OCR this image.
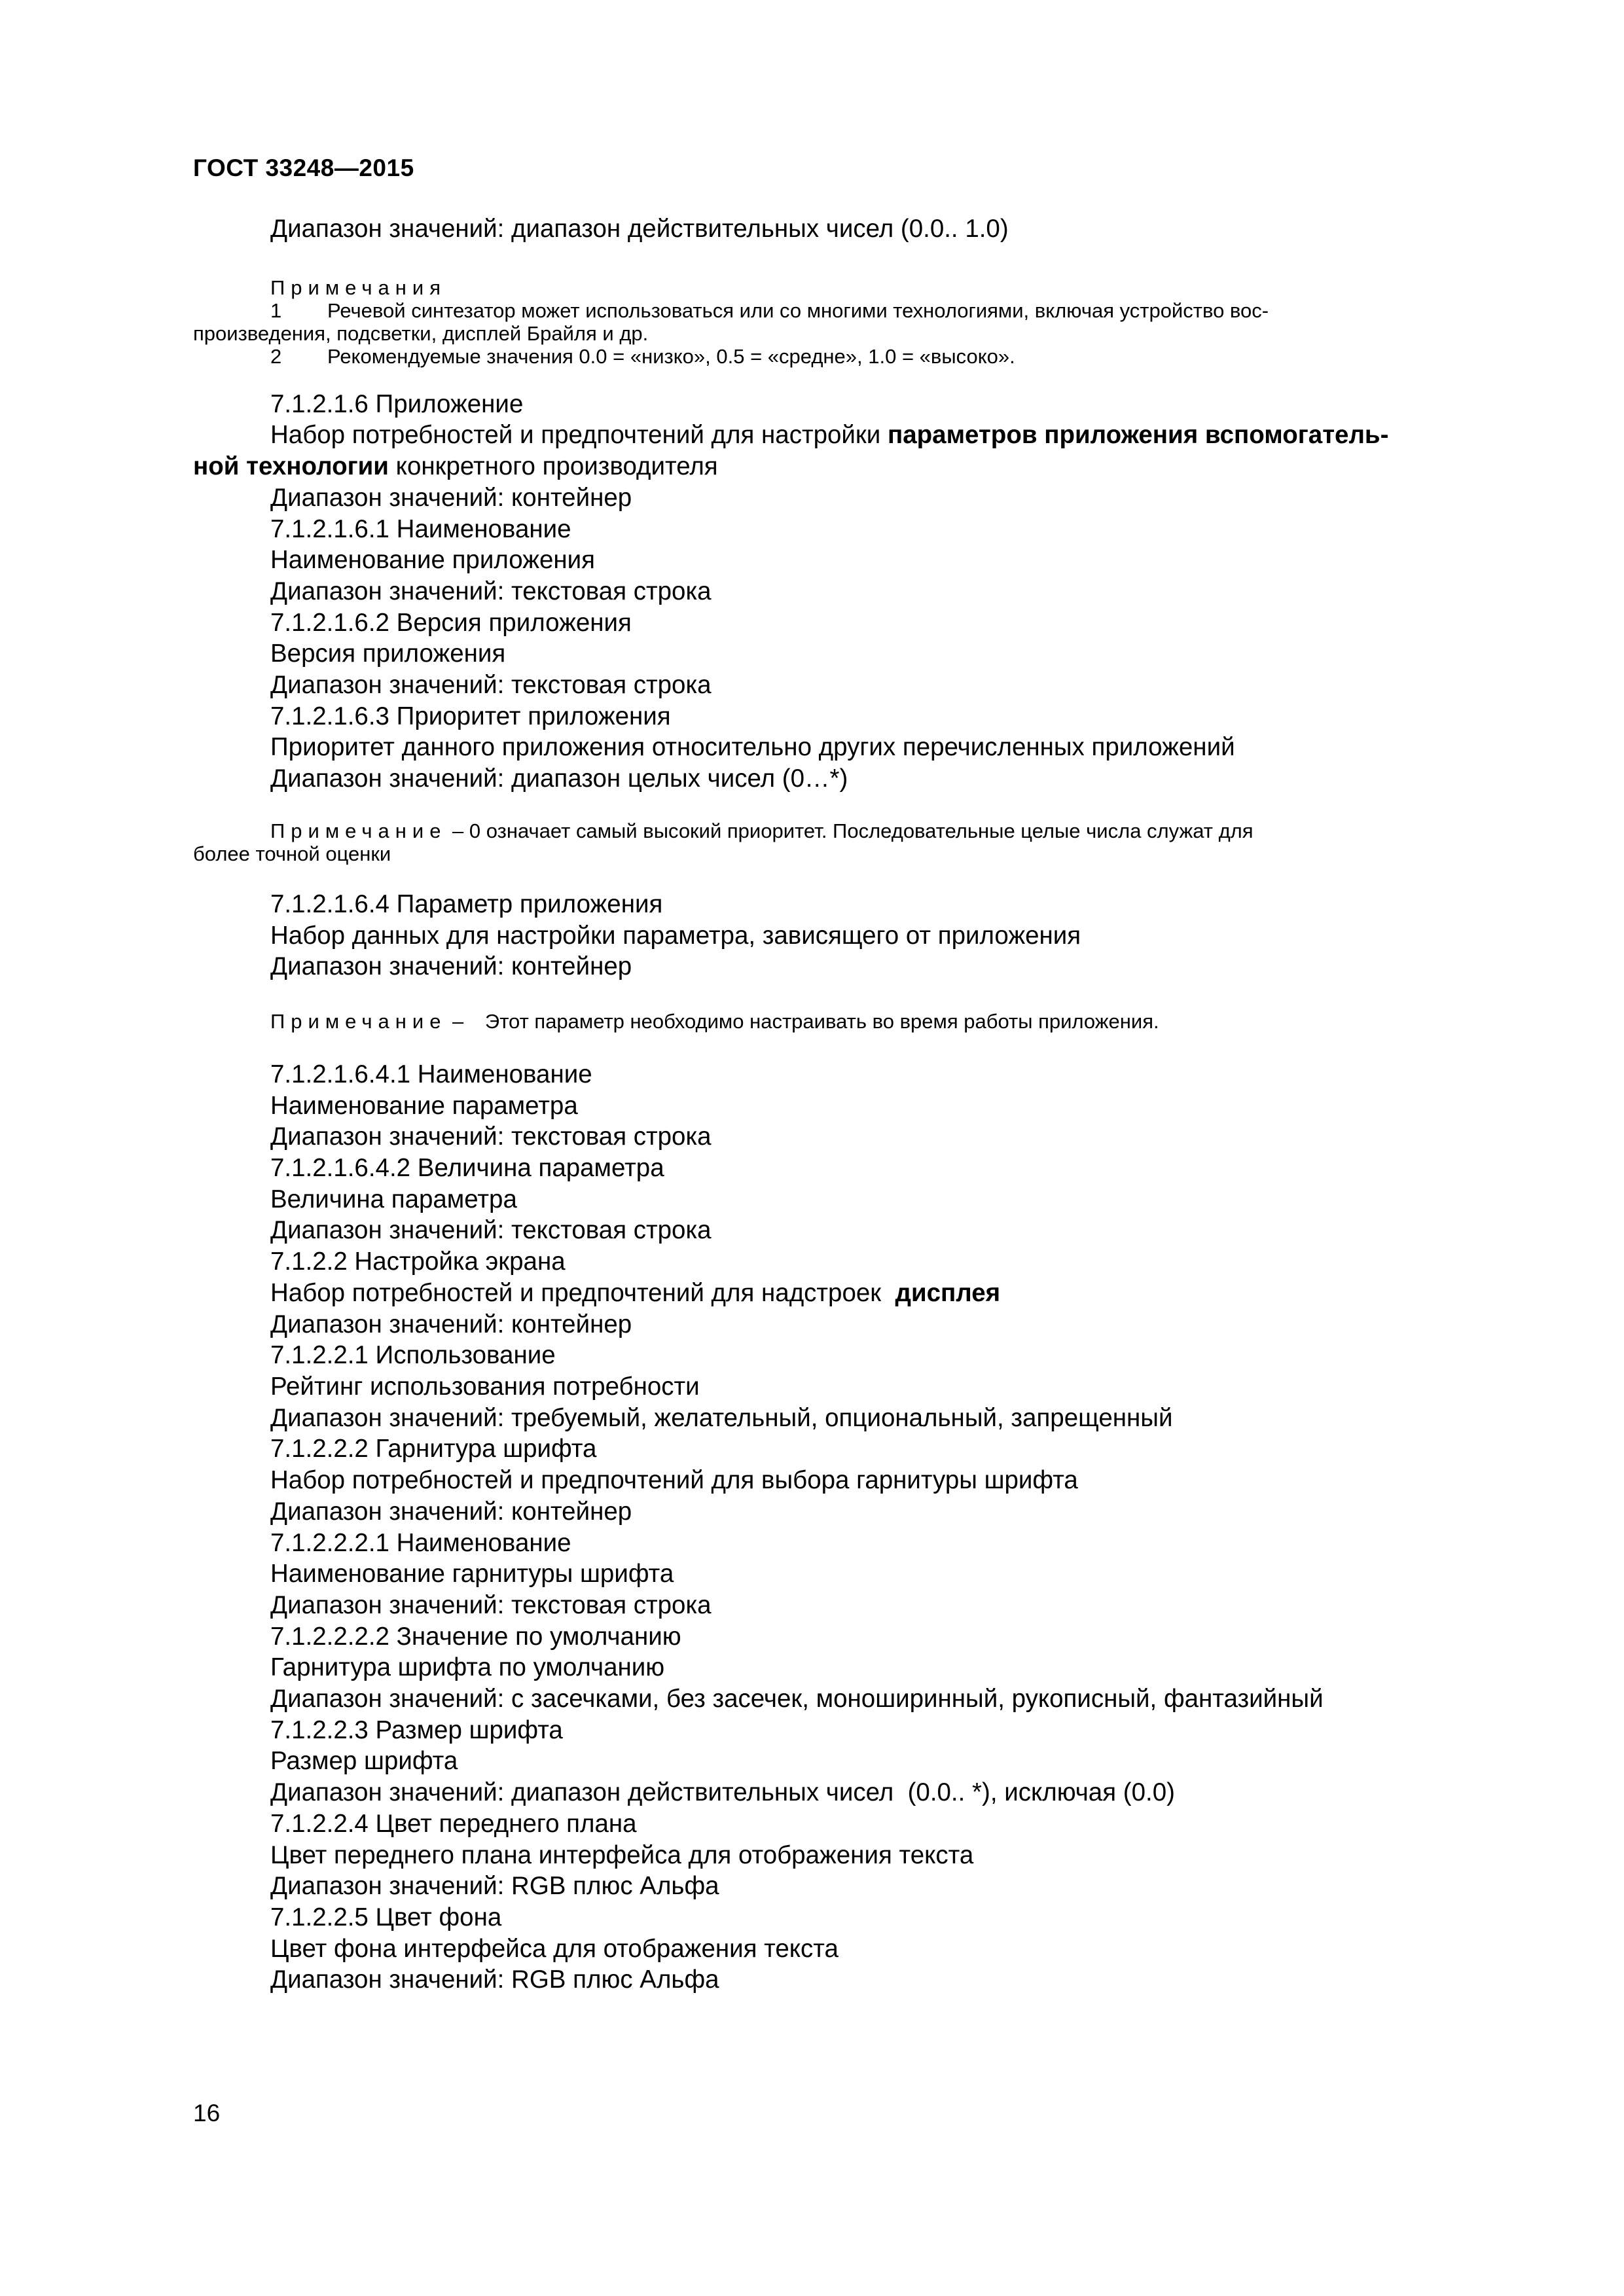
ГОСТ 33248—2015
Диапазон значений: диапазон действительных чисел (0.0.. 1.0)
Примечания
1 Речевой синтезатор может использоваться или со многими технологиями, включая устройство вос-
произведения, подсветки, дисплей Брайля и др.
2 Рекомендуемые значения 0.0 = «низко», 0.5 = «средне», 1.0 = «высоко».
7.1.2.1.6 Приложение
Набор потребностей и предпочтений для настройки параметров приложения вспомогатель-
ной технологии конкретного производителя
Диапазон значений: контейнер
7.1.2.1.6.1 Наименование
Наименование приложения
Диапазон значений: текстовая строка
7.1.2.1.6.2 Версия приложения
Версия приложения
Диапазон значений: текстовая строка
7.1.2.1.6.3 Приоритет приложения
Приоритет данного приложения относительно других перечисленных приложений
Диапазон значений: диапазон целых чисел (0…*)
Примечание – 0 означает самый высокий приоритет. Последовательные целые числа служат для
более точной оценки
7.1.2.1.6.4 Параметр приложения
Набор данных для настройки параметра, зависящего от приложения
Диапазон значений: контейнер
Примечание – Этот параметр необходимо настраивать во время работы приложения.
7.1.2.1.6.4.1 Наименование
Наименование параметра
Диапазон значений: текстовая строка
7.1.2.1.6.4.2 Величина параметра
Величина параметра
Диапазон значений: текстовая строка
7.1.2.2 Настройка экрана
Набор потребностей и предпочтений для надстроек  дисплея
Диапазон значений: контейнер
7.1.2.2.1 Использование
Рейтинг использования потребности
Диапазон значений: требуемый, желательный, опциональный, запрещенный
7.1.2.2.2 Гарнитура шрифта
Набор потребностей и предпочтений для выбора гарнитуры шрифта
Диапазон значений: контейнер
7.1.2.2.2.1 Наименование
Наименование гарнитуры шрифта
Диапазон значений: текстовая строка
7.1.2.2.2.2 Значение по умолчанию
Гарнитура шрифта по умолчанию
Диапазон значений: с засечками, без засечек, моноширинный, рукописный, фантазийный
7.1.2.2.3 Размер шрифта
Размер шрифта
Диапазон значений: диапазон действительных чисел  (0.0.. *), исключая (0.0)
7.1.2.2.4 Цвет переднего плана
Цвет переднего плана интерфейса для отображения текста
Диапазон значений: RGB плюс Альфа
7.1.2.2.5 Цвет фона
Цвет фона интерфейса для отображения текста
Диапазон значений: RGB плюс Альфа
16
